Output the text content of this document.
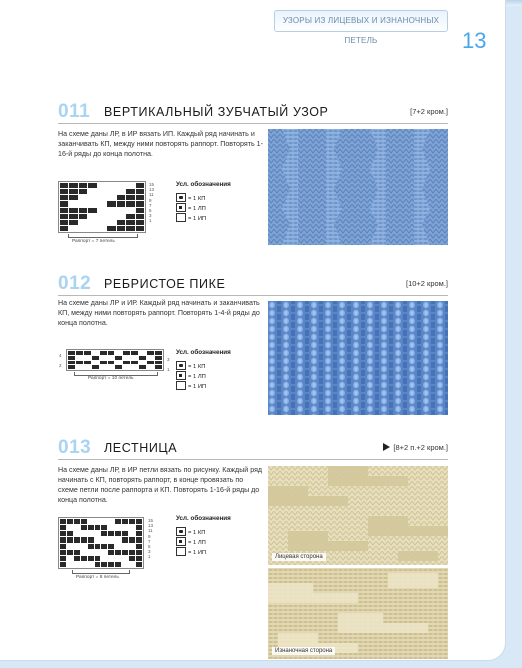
УЗОРЫ ИЗ ЛИЦЕВЫХ И ИЗНАНОЧНЫХ ПЕТЕЛЬ	13
011 ВЕРТИКАЛЬНЫЙ ЗУБЧАТЫЙ УЗОР	[7+2 кром.]

На схеме даны ЛР, в ИР вязать ИП. Каждый ряд начинать и заканчивать КП, между ними повторять раппорт. Повторять 1-16-й ряды до конца полотна.

15
13
11
9
7
5
3
1
Раппорт = 7 петель
Усл. обозначения
= 1 КП
= 1 ЛП
= 1 ИП
012 РЕБРИСТОЕ ПИКЕ	[10+2 кром.]

На схеме даны ЛР и ИР. Каждый ряд начинать и заканчивать КП, между ними повторять раппорт. Повторять 1-4-й ряды до конца полотна.

4
2
3
1
Раппорт = 10 петель
Усл. обозначения
= 1 КП
= 1 ЛП
= 1 ИП
013 ЛЕСТНИЦА	[8+2 п.+2 кром.]

На схеме даны ЛР, в ИР петли вязать по рисунку. Каждый ряд начинать с КП, повторять раппорт, в конце провязать по схеме петли после раппорта и КП. Повторять 1-16-й ряды до конца полотна.

15
13
11
9
7
5
3
1
Раппорт = 8 петель
Усл. обозначения
= 1 КП
= 1 ЛП
= 1 ИП
Лицевая сторона
Изнаночная сторона
